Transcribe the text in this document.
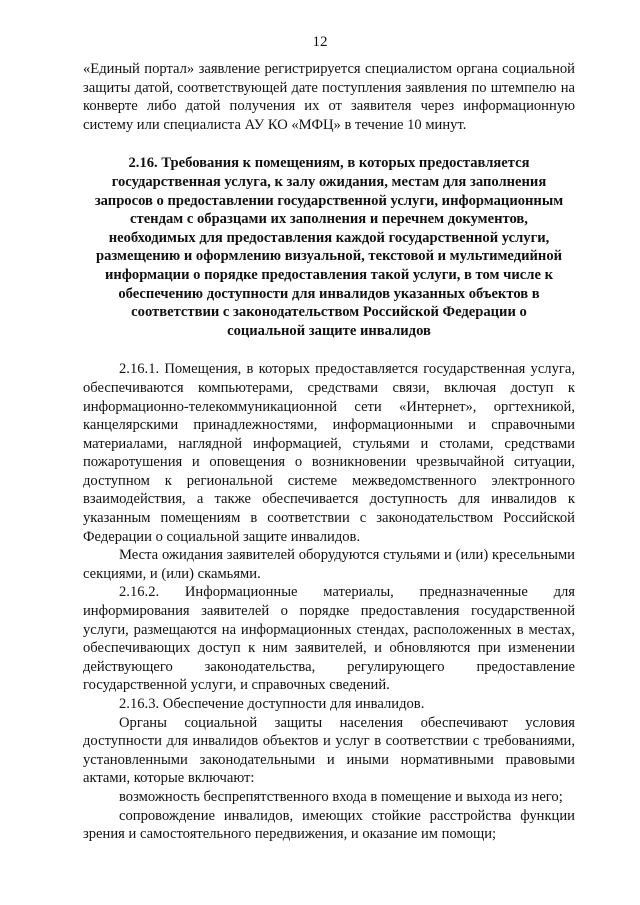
12

«Единый портал» заявление регистрируется специалистом органа социальной защиты датой, соответствующей дате поступления заявления по штемпелю на конверте либо датой получения их от заявителя через информационную систему или специалиста АУ КО «МФЦ» в течение 10 минут.

2.16. Требования к помещениям, в которых предоставляется
государственная услуга, к залу ожидания, местам для заполнения
запросов о предоставлении государственной услуги, информационным
стендам с образцами их заполнения и перечнем документов,
необходимых для предоставления каждой государственной услуги,
размещению и оформлению визуальной, текстовой и мультимедийной
информации о порядке предоставления такой услуги, в том числе к
обеспечению доступности для инвалидов указанных объектов в
соответствии с законодательством Российской Федерации о
социальной защите инвалидов

2.16.1. Помещения, в которых предоставляется государственная услуга, обеспечиваются компьютерами, средствами связи, включая доступ к информационно-телекоммуникационной сети «Интернет», оргтехникой, канцелярскими принадлежностями, информационными и справочными материалами, наглядной информацией, стульями и столами, средствами пожаротушения и оповещения о возникновении чрезвычайной ситуации, доступном к региональной системе межведомственного электронного взаимодействия, а также обеспечивается доступность для инвалидов к указанным помещениям в соответствии с законодательством Российской Федерации о социальной защите инвалидов.

Места ожидания заявителей оборудуются стульями и (или) кресельными секциями, и (или) скамьями.

2.16.2. Информационные материалы, предназначенные для информирования заявителей о порядке предоставления государственной услуги, размещаются на информационных стендах, расположенных в местах, обеспечивающих доступ к ним заявителей, и обновляются при изменении действующего законодательства, регулирующего предоставление государственной услуги, и справочных сведений.

2.16.3. Обеспечение доступности для инвалидов.

Органы социальной защиты населения обеспечивают условия доступности для инвалидов объектов и услуг в соответствии с требованиями, установленными законодательными и иными нормативными правовыми актами, которые включают:

возможность беспрепятственного входа в помещение и выхода из него;

сопровождение инвалидов, имеющих стойкие расстройства функции зрения и самостоятельного передвижения, и оказание им помощи;
